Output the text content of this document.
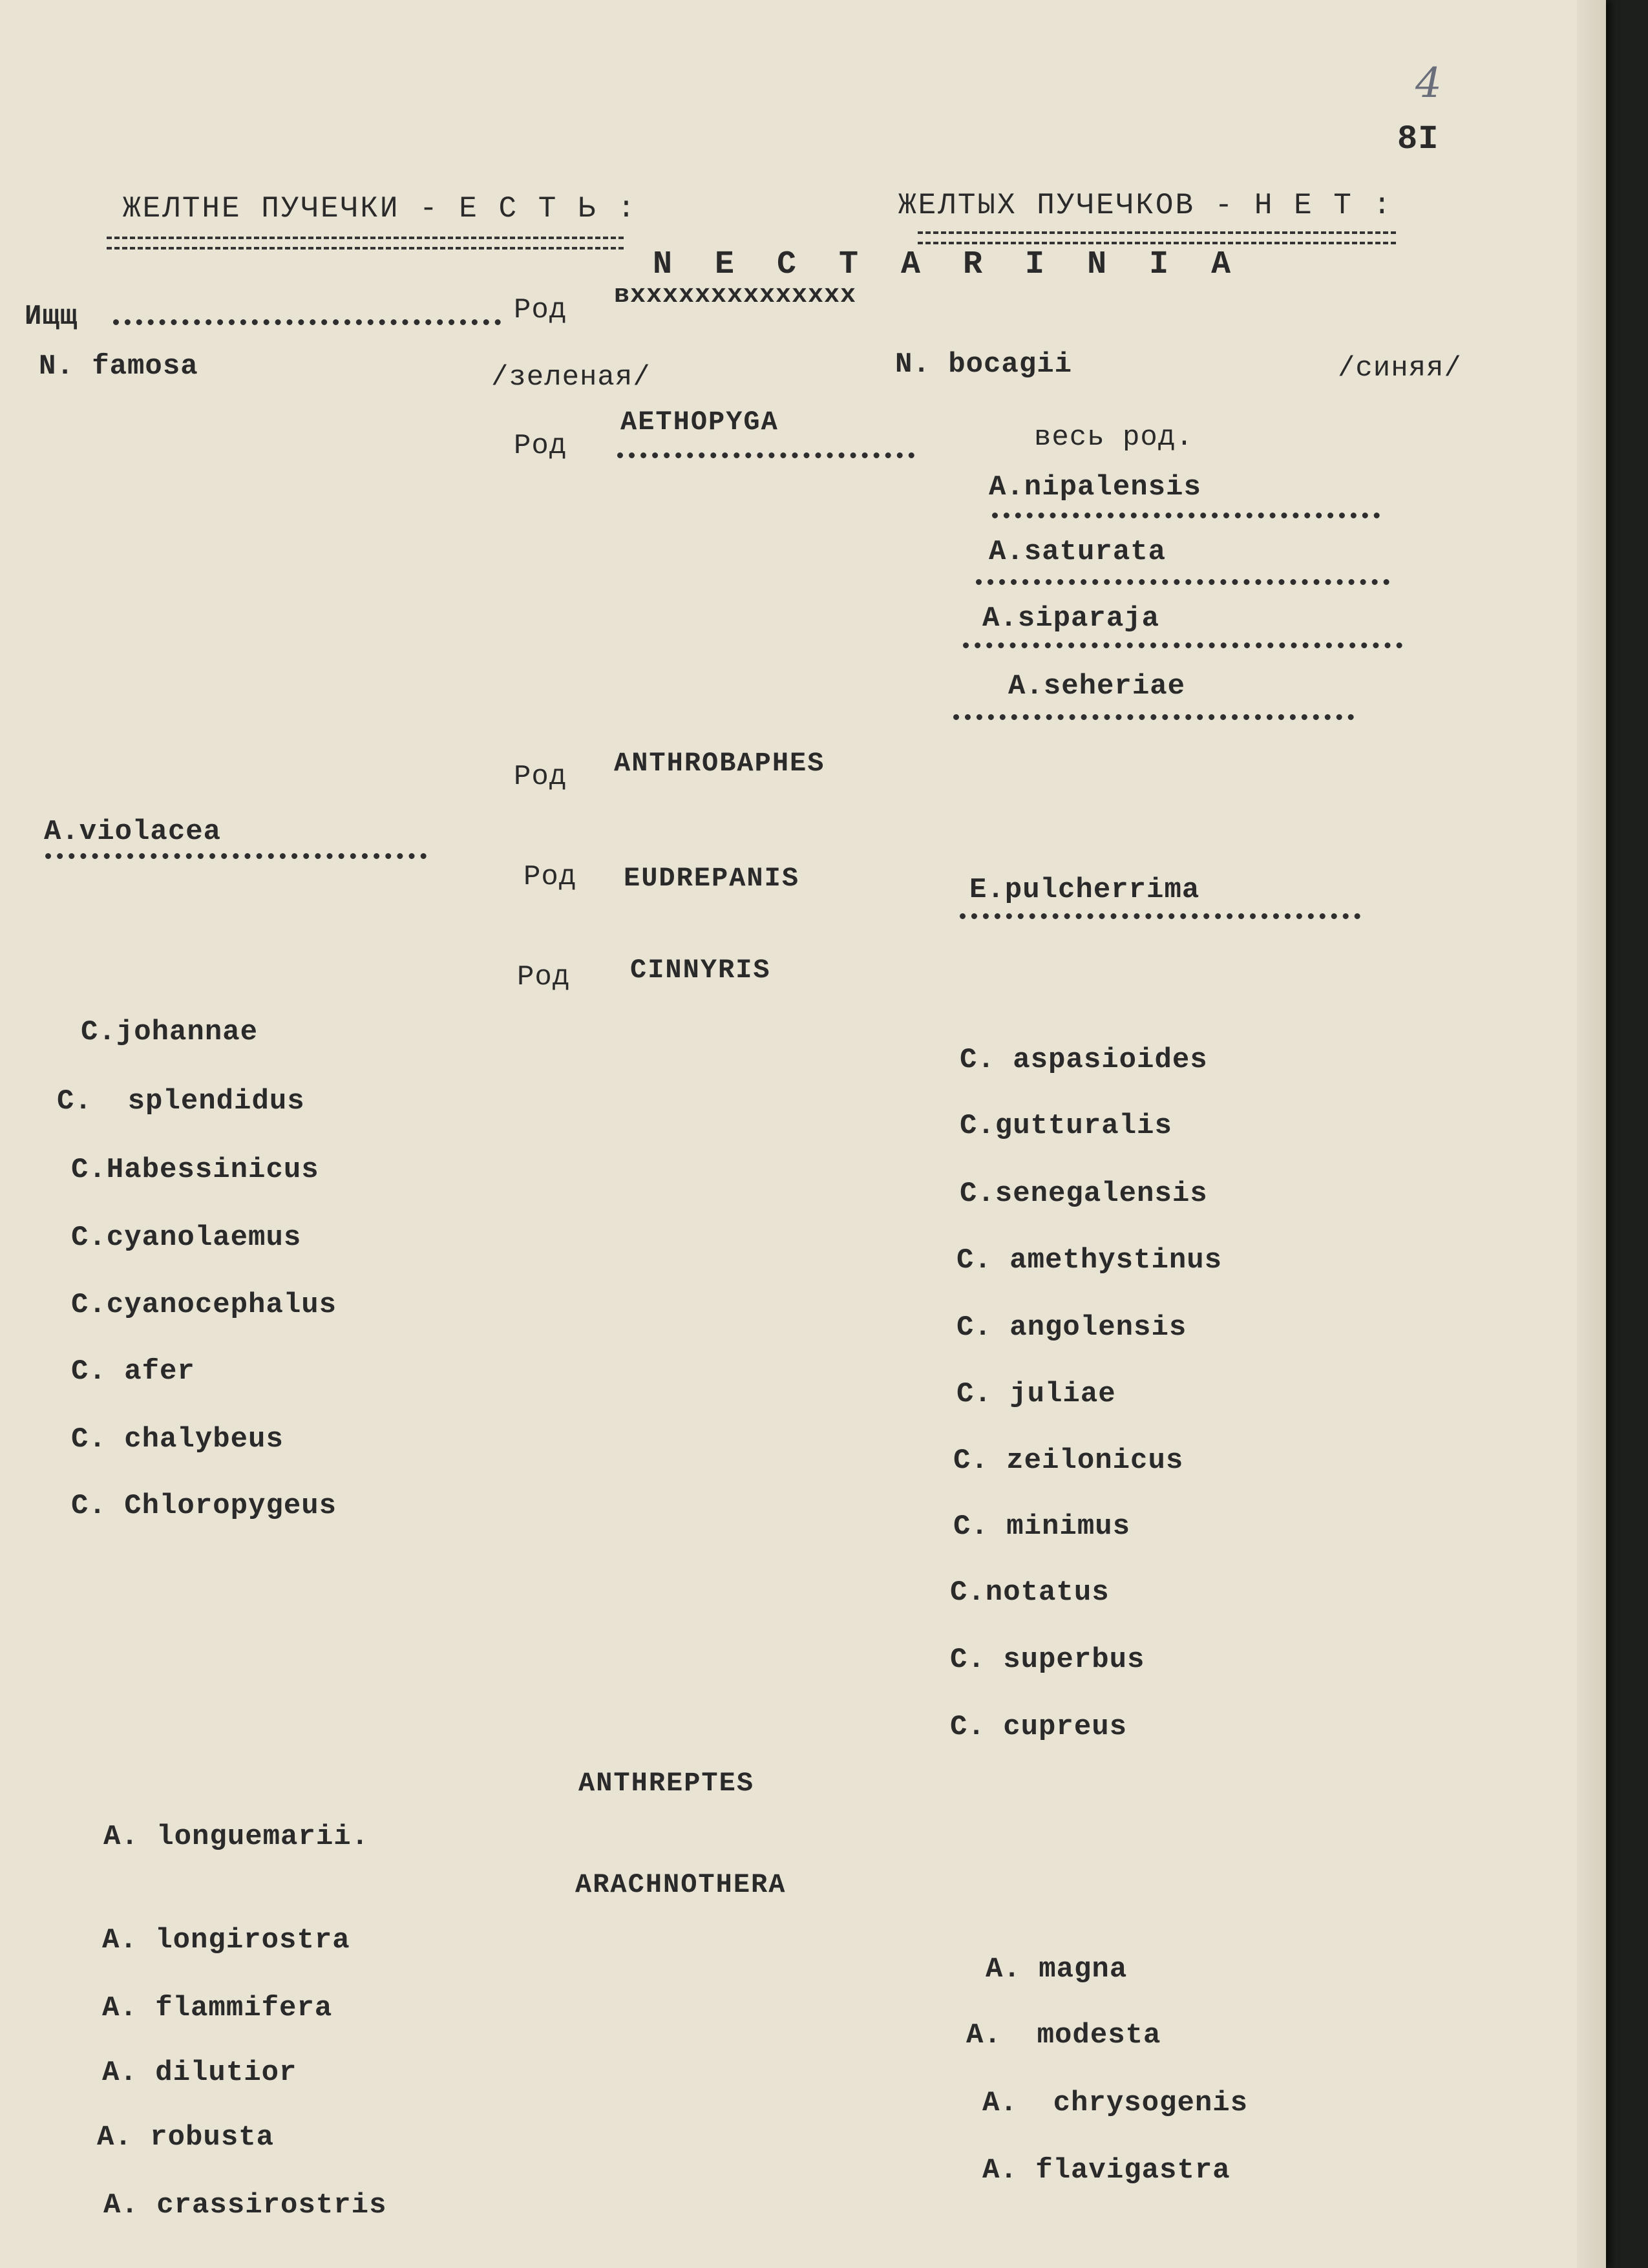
8I
4
ЖЕЛТНЕ ПУЧЕЧКИ - Е С Т Ь :	ЖЕЛТЫХ ПУЧЕЧКОВ - Н Е Т :
N E C T A R I N I A
Ищщ	Род вхххххххххххххх
N. famosa	/зеленая/	N. bocagii	/синяя/
Род
AETHOPYGA	весь род.
A.nipalensis
A.saturata
A.siparaja
A.seheriae
Род ANTHROBAPHES
A.violacea
Род EUDREPANIS	E.pulcherrima
Род CINNYRIS
C.johannae
C.  splendidus
C.Habessinicus
C.cyanolaemus
C.cyanocephalus
C. afer
C. chalybeus
C. Chloropygeus
C. aspasioides
C.gutturalis
C.senegalensis
C. amethystinus
C. angolensis
C. juliae
C. zeilonicus
C. minimus
C.notatus
C. superbus
C. cupreus
ANTHREPTES
A. longuemarii.
ARACHNOTHERA
A. longirostra
A. flammifera
A. dilutior
A. robusta
A. crassirostris
A. magna
A.  modesta
A.  chrysogenis
A. flavigastra
